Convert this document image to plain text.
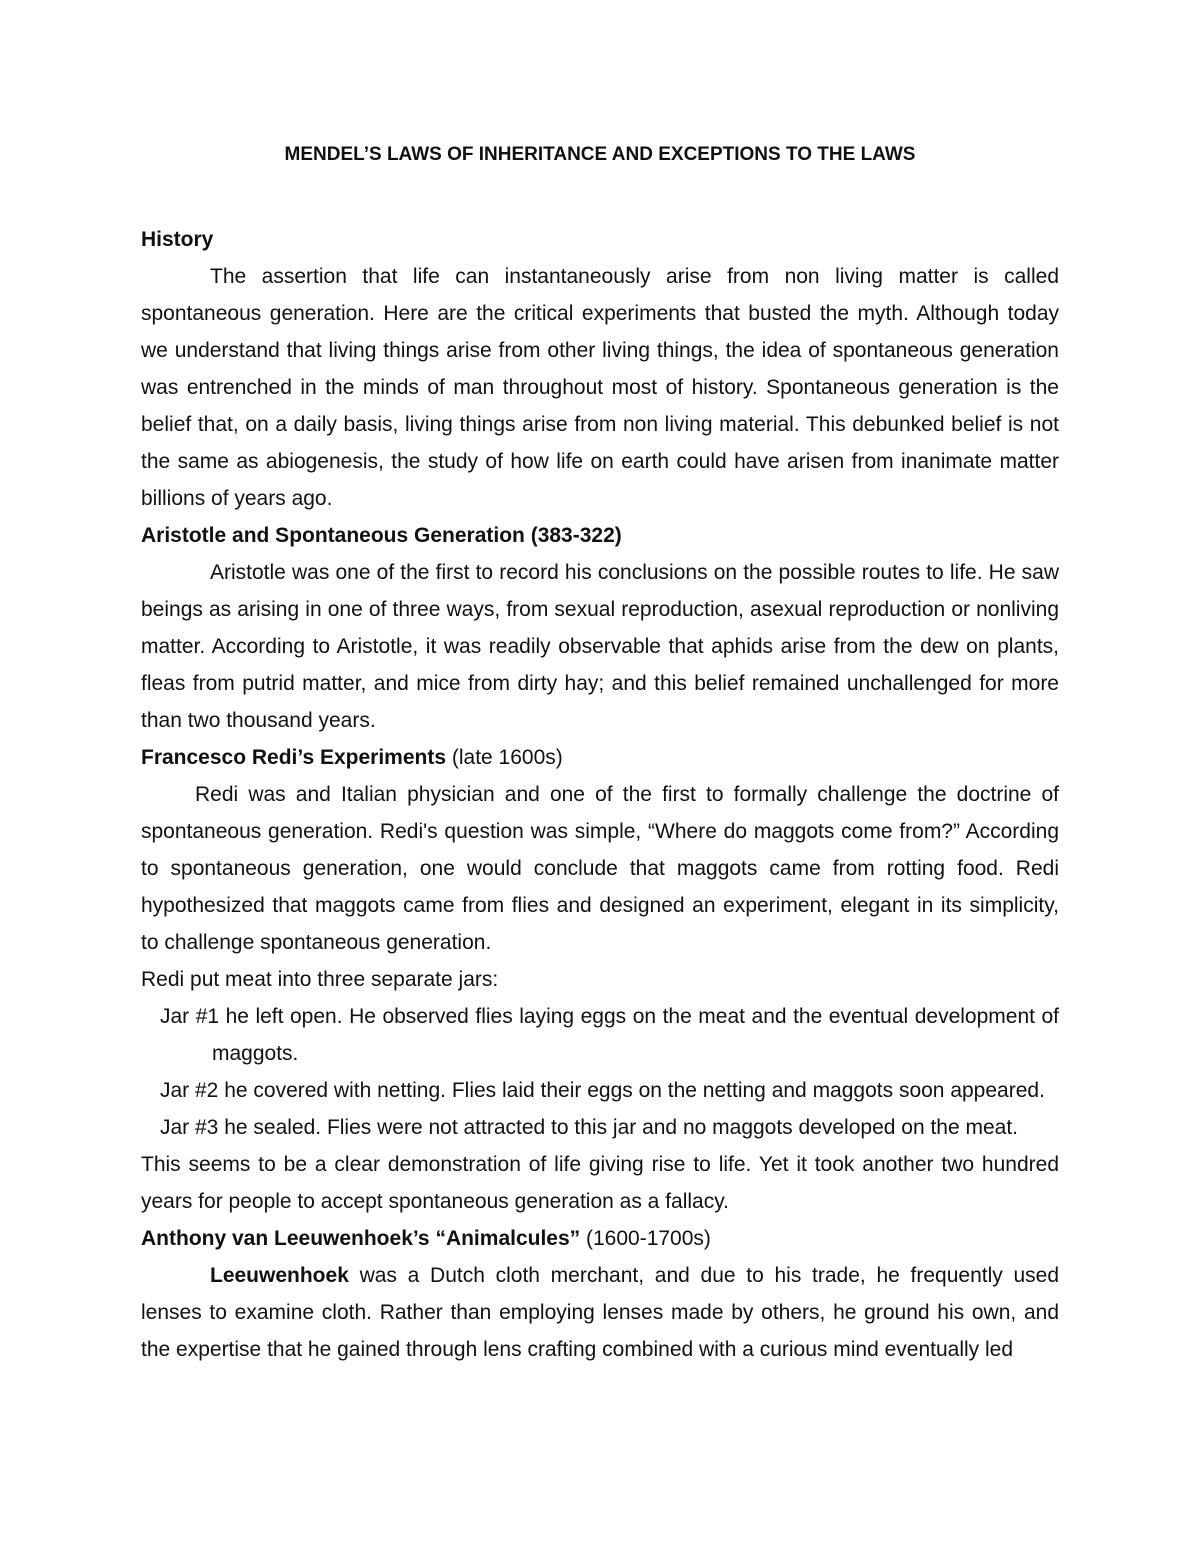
MENDEL’S LAWS OF INHERITANCE AND EXCEPTIONS TO THE LAWS

History

The assertion that life can instantaneously arise from non living matter is called spontaneous generation. Here are the critical experiments that busted the myth. Although today we understand that living things arise from other living things, the idea of spontaneous generation was entrenched in the minds of man throughout most of history. Spontaneous generation is the belief that, on a daily basis, living things arise from non living material. This debunked belief is not the same as abiogenesis, the study of how life on earth could have arisen from inanimate matter billions of years ago.

Aristotle and Spontaneous Generation (383-322)

Aristotle was one of the first to record his conclusions on the possible routes to life. He saw beings as arising in one of three ways, from sexual reproduction, asexual reproduction or nonliving matter. According to Aristotle, it was readily observable that aphids arise from the dew on plants, fleas from putrid matter, and mice from dirty hay; and this belief remained unchallenged for more than two thousand years.

Francesco Redi’s Experiments (late 1600s)

Redi was and Italian physician and one of the first to formally challenge the doctrine of spontaneous generation. Redi's question was simple, “Where do maggots come from?” According to spontaneous generation, one would conclude that maggots came from rotting food. Redi hypothesized that maggots came from flies and designed an experiment, elegant in its simplicity, to challenge spontaneous generation.

Redi put meat into three separate jars:

Jar #1 he left open. He observed flies laying eggs on the meat and the eventual development of maggots.

Jar #2 he covered with netting. Flies laid their eggs on the netting and maggots soon appeared.

Jar #3 he sealed. Flies were not attracted to this jar and no maggots developed on the meat.

This seems to be a clear demonstration of life giving rise to life. Yet it took another two hundred years for people to accept spontaneous generation as a fallacy.

Anthony van Leeuwenhoek’s “Animalcules” (1600-1700s)

Leeuwenhoek was a Dutch cloth merchant, and due to his trade, he frequently used lenses to examine cloth. Rather than employing lenses made by others, he ground his own, and the expertise that he gained through lens crafting combined with a curious mind eventually led
